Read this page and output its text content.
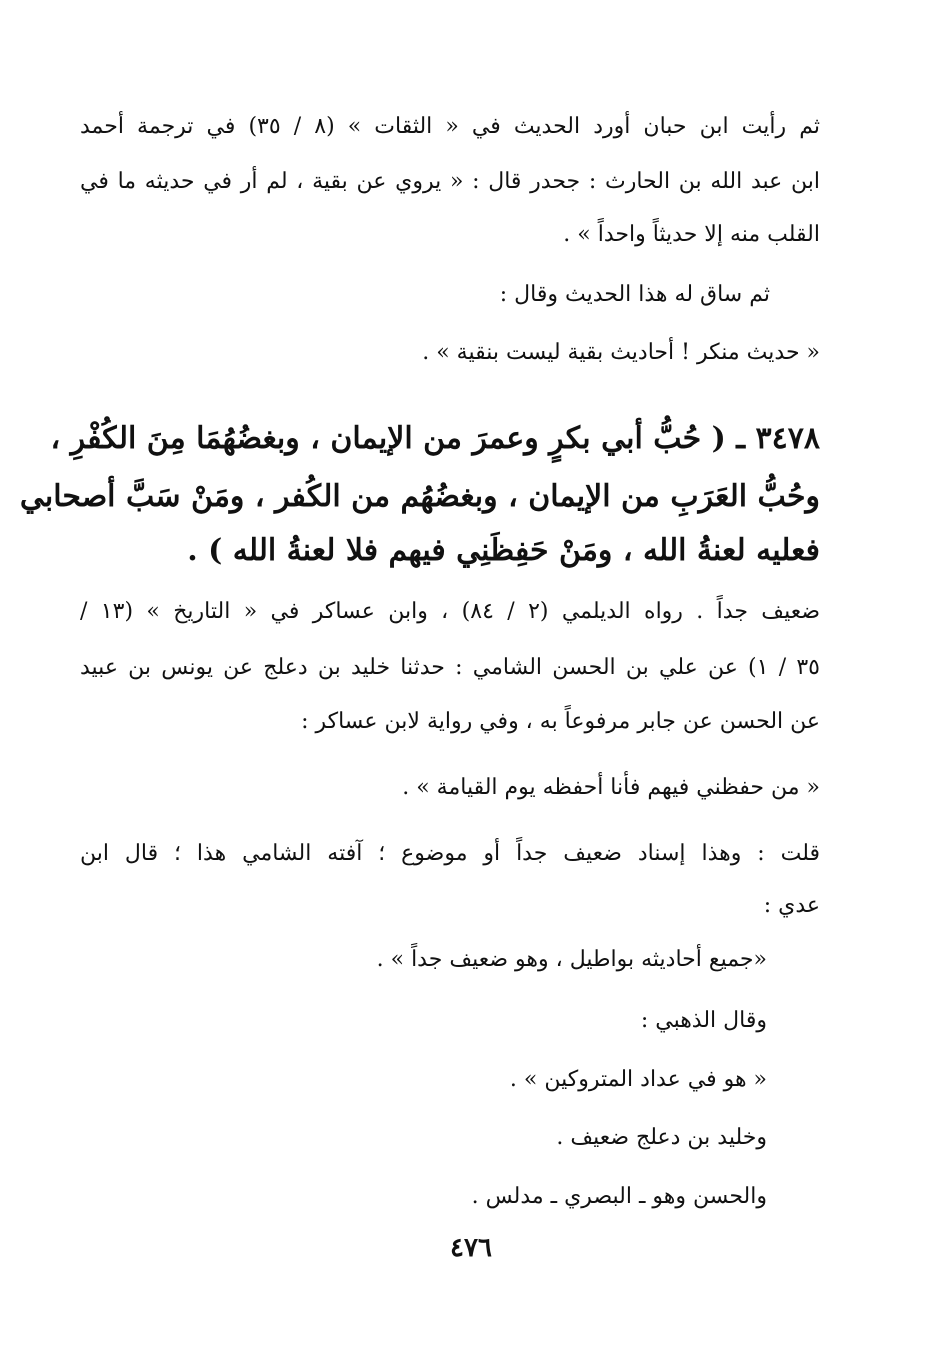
ثم رأيت ابن حبان أورد الحديث في « الثقات » (٨ / ٣٥) في ترجمة أحمد
ابن عبد الله بن الحارث : جحدر قال : « يروي عن بقية ، لم أر في حديثه ما في
القلب منه إلا حديثاً واحداً » .
ثم ساق له هذا الحديث وقال :
« حديث منكر ! أحاديث بقية ليست بنقية » .
٣٤٧٨ ـ ( حُبُّ أبي بكرٍ وعمرَ من الإيمان ، وبغضُهُمَا مِنَ الكُفْرِ ،
وحُبُّ العَرَبِ من الإيمان ، وبغضُهُم من الكُفر ، ومَنْ سَبَّ أصحابي
فعليه لعنةُ الله ، ومَنْ حَفِظَنِي فيهم فلا لعنةُ الله ) .
ضعيف جداً . رواه الديلمي (٢ / ٨٤) ، وابن عساكر في « التاريخ » (١٣ /
٣٥ / ١) عن علي بن الحسن الشامي : حدثنا خليد بن دعلج عن يونس بن عبيد
عن الحسن عن جابر مرفوعاً به ، وفي رواية لابن عساكر :
« من حفظني فيهم فأنا أحفظه يوم القيامة » .
قلت : وهذا إسناد ضعيف جداً أو موضوع ؛ آفته الشامي هذا ؛ قال ابن
عدي :
«جميع أحاديثه بواطيل ، وهو ضعيف جداً » .
وقال الذهبي :
« هو في عداد المتروكين » .
وخليد بن دعلج ضعيف .
والحسن وهو ـ البصري ـ مدلس .
٤٧٦
